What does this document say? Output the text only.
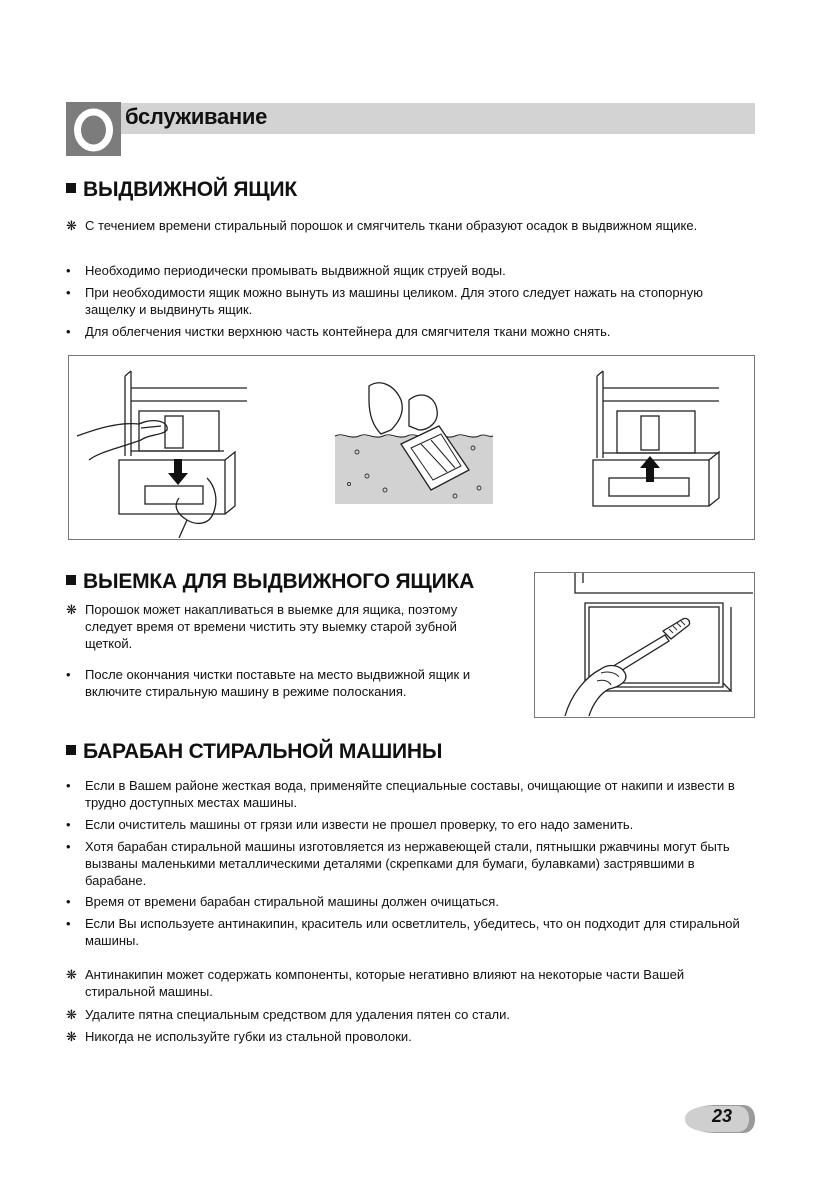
бслуживание
ВЫДВИЖНОЙ ЯЩИК
❋ С течением времени стиральный порошок и смягчитель ткани образуют осадок в выдвижном ящике.
•	Необходимо периодически промывать выдвижной ящик струей воды.
•	При необходимости ящик можно вынуть из машины целиком. Для этого следует нажать на стопорную защелку и выдвинуть ящик.
•	Для облегчения чистки верхнюю часть контейнера для смягчителя ткани можно снять.
ВЫЕМКА ДЛЯ ВЫДВИЖНОГО ЯЩИКА
❋ Порошок может накапливаться в выемке для ящика, поэтому следует время от времени чистить эту выемку старой зубной щеткой.
•	После окончания чистки поставьте на место выдвижной ящик и включите стиральную машину в режиме полоскания.
БАРАБАН СТИРАЛЬНОЙ МАШИНЫ
•	Если в Вашем районе жесткая вода, применяйте специальные составы, очищающие от накипи и извести в трудно доступных местах машины.
•	Если очиститель машины от грязи или извести не прошел проверку, то его надо заменить.
•	Хотя барабан стиральной машины изготовляется из нержавеющей стали, пятнышки ржавчины могут быть вызваны маленькими металлическими деталями (скрепками для бумаги, булавками) застрявшими в барабане.
•	Время от времени барабан стиральной машины должен очищаться.
•	Если Вы используете антинакипин, краситель или осветлитель, убедитесь, что он подходит для стиральной машины.
❋ Антинакипин может содержать компоненты, которые негативно влияют на некоторые части Вашей стиральной машины.
❋ Удалите пятна специальным средством для удаления пятен со стали.
❋ Никогда не используйте губки из стальной проволоки.
23
